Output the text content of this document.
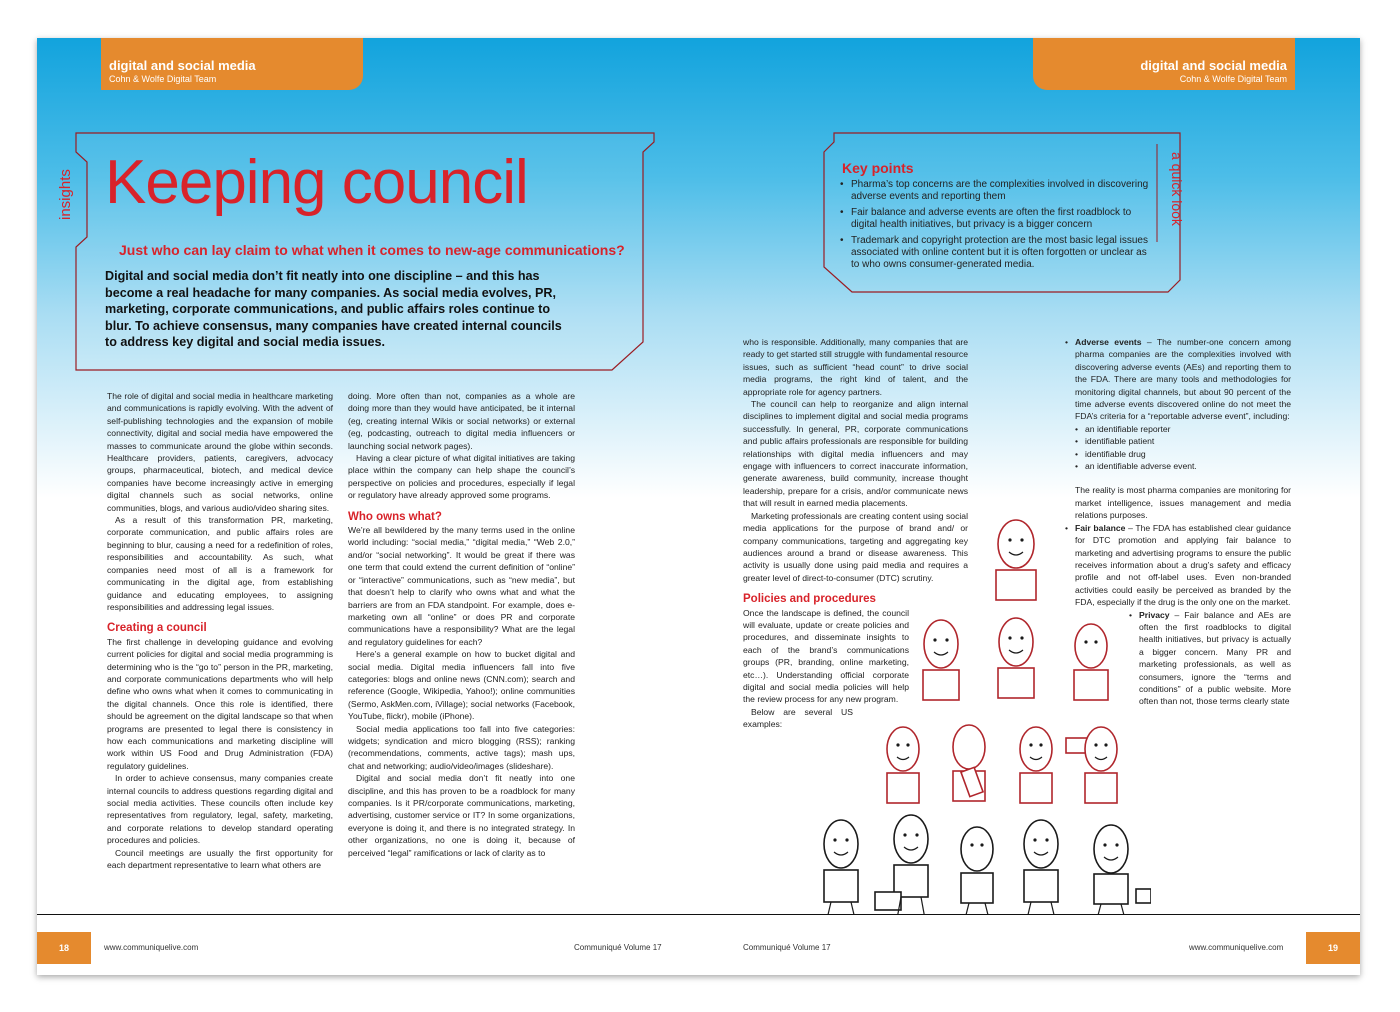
digital and social media
Cohn & Wolfe Digital Team
digital and social media
Cohn & Wolfe Digital Team
insights Keeping council
Just who can lay claim to what when it comes to new-age communications?
Digital and social media don’t fit neatly into one discipline – and this has become a real headache for many companies. As social media evolves, PR, marketing, corporate communications, and public affairs roles continue to blur. To achieve consensus, many companies have created internal councils to address key digital and social media issues.
Key points
• Pharma’s top concerns are the complexities involved in discovering adverse events and reporting them
• Fair balance and adverse events are often the first roadblock to digital health initiatives, but privacy is a bigger concern
• Trademark and copyright protection are the most basic legal issues associated with online content but it is often forgotten or unclear as to who owns consumer-generated media.
a quick look

The role of digital and social media in healthcare marketing and communications is rapidly evolving. With the advent of self-publishing technologies and the expansion of mobile connectivity, digital and social media have empowered the masses to communicate around the globe within seconds. Healthcare providers, patients, caregivers, advocacy groups, pharmaceutical, biotech, and medical device companies have become increasingly active in emerging digital channels such as social networks, online communities, blogs, and various audio/video sharing sites.

As a result of this transformation PR, marketing, corporate communication, and public affairs roles are beginning to blur, causing a need for a redefinition of roles, responsibilities and accountability. As such, what companies need most of all is a framework for communicating in the digital age, from establishing guidance and educating employees, to assigning responsibilities and addressing legal issues.

Creating a council

The first challenge in developing guidance and evolving current policies for digital and social media programming is determining who is the “go to” person in the PR, marketing, and corporate communications departments who will help define who owns what when it comes to communicating in the digital channels. Once this role is identified, there should be agreement on the digital landscape so that when programs are presented to legal there is consistency in how each communications and marketing discipline will work within US Food and Drug Administration (FDA) regulatory guidelines.

In order to achieve consensus, many companies create internal councils to address questions regarding digital and social media activities. These councils often include key representatives from regulatory, legal, safety, marketing, and corporate relations to develop standard operating procedures and policies.

Council meetings are usually the first opportunity for each department representative to learn what others are

doing. More often than not, companies as a whole are doing more than they would have anticipated, be it internal (eg, creating internal Wikis or social networks) or external (eg, podcasting, outreach to digital media influencers or launching social network pages).

Having a clear picture of what digital initiatives are taking place within the company can help shape the council’s perspective on policies and procedures, especially if legal or regulatory have already approved some programs.

Who owns what?

We’re all bewildered by the many terms used in the online world including: “social media,” “digital media,” “Web 2.0,” and/or “social networking”. It would be great if there was one term that could extend the current definition of “online” or “interactive” communications, such as “new media”, but that doesn’t help to clarify who owns what and what the barriers are from an FDA standpoint. For example, does e-marketing own all “online” or does PR and corporate communications have a responsibility? What are the legal and regulatory guidelines for each?

Here’s a general example on how to bucket digital and social media. Digital media influencers fall into five categories: blogs and online news (CNN.com); search and reference (Google, Wikipedia, Yahoo!); online communities (Sermo, AskMen.com, iVillage); social networks (Facebook, YouTube, flickr), mobile (iPhone).

Social media applications too fall into five categories: widgets; syndication and micro blogging (RSS); ranking (recommendations, comments, active tags); mash ups, chat and networking; audio/video/images (slideshare).

Digital and social media don’t fit neatly into one discipline, and this has proven to be a roadblock for many companies. Is it PR/corporate communications, marketing, advertising, customer service or IT? In some organizations, everyone is doing it, and there is no integrated strategy. In other organizations, no one is doing it, because of perceived “legal” ramifications or lack of clarity as to

who is responsible. Additionally, many companies that are ready to get started still struggle with fundamental resource issues, such as sufficient “head count” to drive social media programs, the right kind of talent, and the appropriate role for agency partners.

The council can help to reorganize and align internal disciplines to implement digital and social media programs successfully. In general, PR, corporate communications and public affairs professionals are responsible for building relationships with digital media influencers and may engage with influencers to correct inaccurate information, generate awareness, build community, increase thought leadership, prepare for a crisis, and/or communicate news that will result in earned media placements.

Marketing professionals are creating content using social media applications for the purpose of brand and/ or company communications, targeting and aggregating key audiences around a brand or disease awareness. This activity is usually done using paid media and requires a greater level of direct-to-consumer (DTC) scrutiny.

Policies and procedures

Once the landscape is defined, the council will evaluate, update or create policies and procedures, and disseminate insights to each of the brand’s communications groups (PR, branding, online marketing, etc…). Understanding official corporate digital and social media policies will help the review process for any new program.

Below are several US examples:

• Adverse events – The number-one concern among pharma companies are the complexities involved with discovering adverse events (AEs) and reporting them to the FDA. There are many tools and methodologies for monitoring digital channels, but about 90 percent of the time adverse events discovered online do not meet the FDA’s criteria for a “reportable adverse event”, including:
• an identifiable reporter
• identifiable patient
• identifiable drug
• an identifiable adverse event.

The reality is most pharma companies are monitoring for market intelligence, issues management and media relations purposes.

• Fair balance – The FDA has established clear guidance for DTC promotion and applying fair balance to marketing and advertising programs to ensure the public receives information about a drug’s safety and efficacy profile and not off-label uses. Even non-branded activities could easily be perceived as branded by the FDA, especially if the drug is the only one on the market.
• Privacy – Fair balance and AEs are often the first roadblocks to digital health initiatives, but privacy is actually a bigger concern. Many PR and marketing professionals, as well as consumers, ignore the “terms and conditions” of a public website. More often than not, those terms clearly state
18	www.communiquelive.com	Communiqué Volume 17	Communiqué Volume 17	www.communiquelive.com	19
